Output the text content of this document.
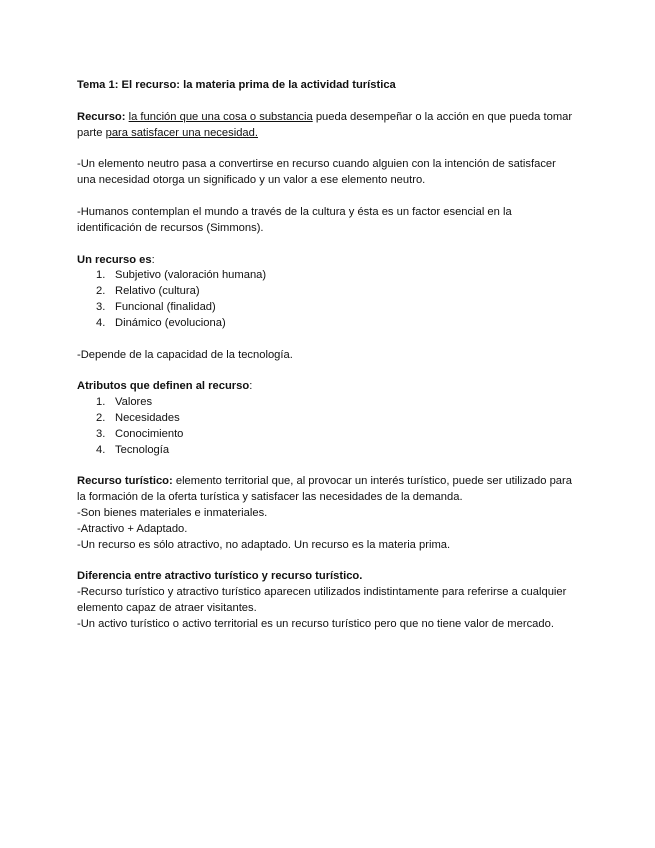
Tema 1: El recurso: la materia prima de la actividad turística

Recurso: la función que una cosa o substancia pueda desempeñar o la acción en que pueda tomar parte para satisfacer una necesidad.

-Un elemento neutro pasa a convertirse en recurso cuando alguien con la intención de satisfacer una necesidad otorga un significado y un valor a ese elemento neutro.

-Humanos contemplan el mundo a través de la cultura y ésta es un factor esencial en la identificación de recursos (Simmons).

Un recurso es:

1. Subjetivo (valoración humana)
2. Relativo (cultura)
3. Funcional (finalidad)
4. Dinámico (evoluciona)

-Depende de la capacidad de la tecnología.

Atributos que definen al recurso:

1. Valores
2. Necesidades
3. Conocimiento
4. Tecnología

Recurso turístico: elemento territorial que, al provocar un interés turístico, puede ser utilizado para la formación de la oferta turística y satisfacer las necesidades de la demanda.

-Son bienes materiales e inmateriales.

-Atractivo + Adaptado.

-Un recurso es sólo atractivo, no adaptado. Un recurso es la materia prima.

Diferencia entre atractivo turístico y recurso turístico.

-Recurso turístico y atractivo turístico aparecen utilizados indistintamente para referirse a cualquier elemento capaz de atraer visitantes.

-Un activo turístico o activo territorial es un recurso turístico pero que no tiene valor de mercado.
